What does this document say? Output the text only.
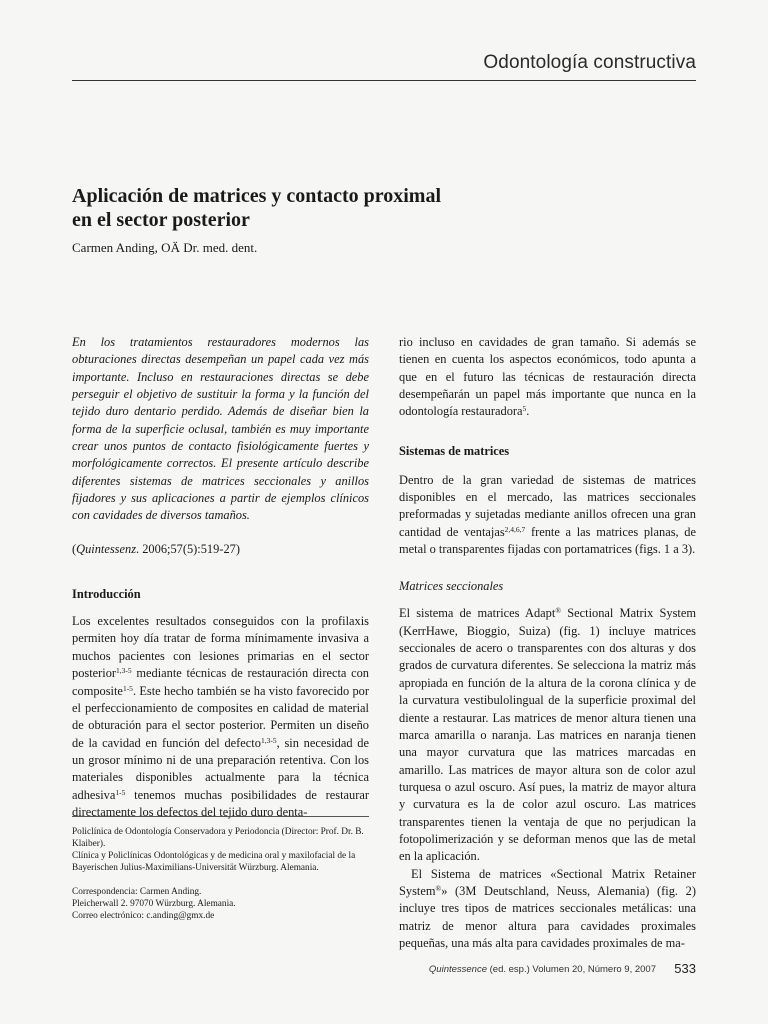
Odontología constructiva
Aplicación de matrices y contacto proximal
en el sector posterior
Carmen Anding, OÄ Dr. med. dent.

En los tratamientos restauradores modernos las obturaciones directas desempeñan un papel cada vez más importante. Incluso en restauraciones directas se debe perseguir el objetivo de sustituir la forma y la función del tejido duro dentario perdido. Además de diseñar bien la forma de la superficie oclusal, también es muy importante crear unos puntos de contacto fisiológicamente fuertes y morfológicamente correctos. El presente artículo describe diferentes sistemas de matrices seccionales y anillos fijadores y sus aplicaciones a partir de ejemplos clínicos con cavidades de diversos tamaños.

(Quintessenz. 2006;57(5):519-27)

Introducción

Los excelentes resultados conseguidos con la profilaxis permiten hoy día tratar de forma mínimamente invasiva a muchos pacientes con lesiones primarias en el sector posterior$^{1,3-5}$ mediante técnicas de restauración directa con composite$^{1-5}$. Este hecho también se ha visto favorecido por el perfeccionamiento de composites en calidad de material de obturación para el sector posterior. Permiten un diseño de la cavidad en función del defecto$^{1,3-5}$, sin necesidad de un grosor mínimo ni de una preparación retentiva. Con los materiales disponibles actualmente para la técnica adhesiva$^{1-5}$ tenemos muchas posibilidades de restaurar directamente los defectos del tejido duro denta-

rio incluso en cavidades de gran tamaño. Si además se tienen en cuenta los aspectos económicos, todo apunta a que en el futuro las técnicas de restauración directa desempeñarán un papel más importante que nunca en la odontología restauradora$^5$.

Sistemas de matrices

Dentro de la gran variedad de sistemas de matrices disponibles en el mercado, las matrices seccionales preformadas y sujetadas mediante anillos ofrecen una gran cantidad de ventajas$^{2,4,6,7}$ frente a las matrices planas, de metal o transparentes fijadas con portamatrices (figs. 1 a 3).

Matrices seccionales

El sistema de matrices Adapt® Sectional Matrix System (KerrHawe, Bioggio, Suiza) (fig. 1) incluye matrices seccionales de acero o transparentes con dos alturas y dos grados de curvatura diferentes. Se selecciona la matriz más apropiada en función de la altura de la corona clínica y de la curvatura vestibulolingual de la superficie proximal del diente a restaurar. Las matrices de menor altura tienen una marca amarilla o naranja. Las matrices en naranja tienen una mayor curvatura que las matrices marcadas en amarillo. Las matrices de mayor altura son de color azul turquesa o azul oscuro. Así pues, la matriz de mayor altura y curvatura es la de color azul oscuro. Las matrices transparentes tienen la ventaja de que no perjudican la fotopolimerización y se deforman menos que las de metal en la aplicación.

El Sistema de matrices «Sectional Matrix Retainer System®» (3M Deutschland, Neuss, Alemania) (fig. 2) incluye tres tipos de matrices seccionales metálicas: una matriz de menor altura para cavidades proximales pequeñas, una más alta para cavidades proximales de ma-

Policlínica de Odontología Conservadora y Periodoncia (Director: Prof. Dr. B. Klaiber).
Clínica y Policlínicas Odontológicas y de medicina oral y maxilofacial de la Bayerischen Julius-Maximilians-Universität Würzburg. Alemania.
Correspondencia: Carmen Anding.
Pleicherwall 2. 97070 Würzburg. Alemania.
Correo electrónico: c.anding@gmx.de
Quintessence (ed. esp.) Volumen 20, Número 9, 2007 533
